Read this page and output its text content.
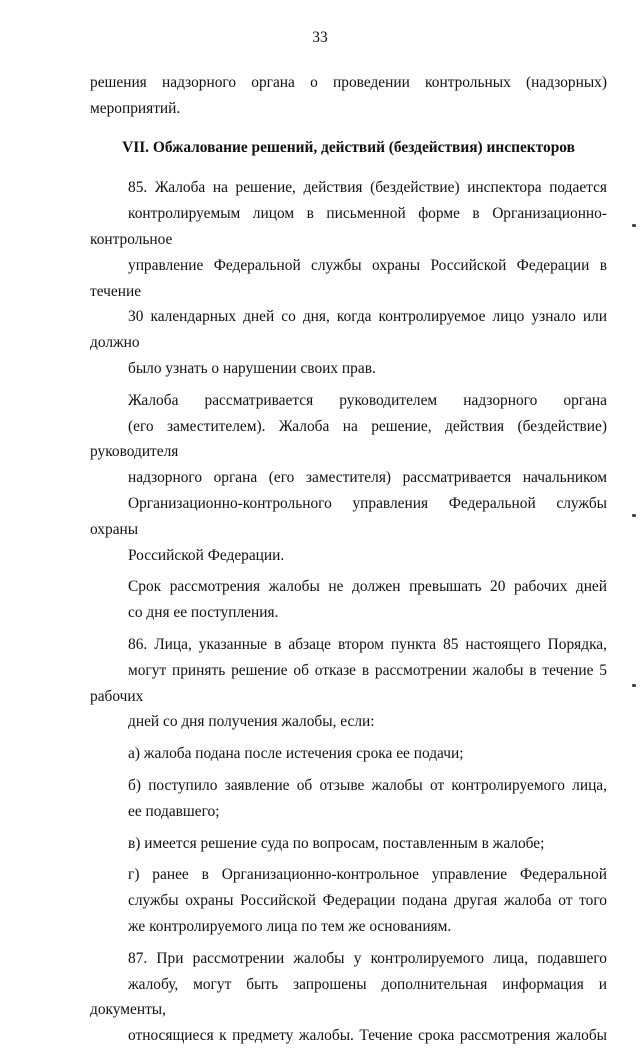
33

решения надзорного органа о проведении контрольных (надзорных)
мероприятий.

VII. Обжалование решений, действий (бездействия) инспекторов

85. Жалоба на решение, действия (бездействие) инспектора подается
контролируемым лицом в письменной форме в Организационно-контрольное
управление Федеральной службы охраны Российской Федерации в течение
30 календарных дней со дня, когда контролируемое лицо узнало или должно
было узнать о нарушении своих прав.

Жалоба рассматривается руководителем надзорного органа
(его заместителем). Жалоба на решение, действия (бездействие) руководителя
надзорного органа (его заместителя) рассматривается начальником
Организационно-контрольного управления Федеральной службы охраны
Российской Федерации.

Срок рассмотрения жалобы не должен превышать 20 рабочих дней
со дня ее поступления.

86. Лица, указанные в абзаце втором пункта 85 настоящего Порядка,
могут принять решение об отказе в рассмотрении жалобы в течение 5 рабочих
дней со дня получения жалобы, если:

а) жалоба подана после истечения срока ее подачи;

б) поступило заявление об отзыве жалобы от контролируемого лица,
ее подавшего;

в) имеется решение суда по вопросам, поставленным в жалобе;

г) ранее в Организационно-контрольное управление Федеральной
службы охраны Российской Федерации подана другая жалоба от того
же контролируемого лица по тем же основаниям.

87. При рассмотрении жалобы у контролируемого лица, подавшего
жалобу, могут быть запрошены дополнительная информация и документы,
относящиеся к предмету жалобы. Течение срока рассмотрения жалобы
